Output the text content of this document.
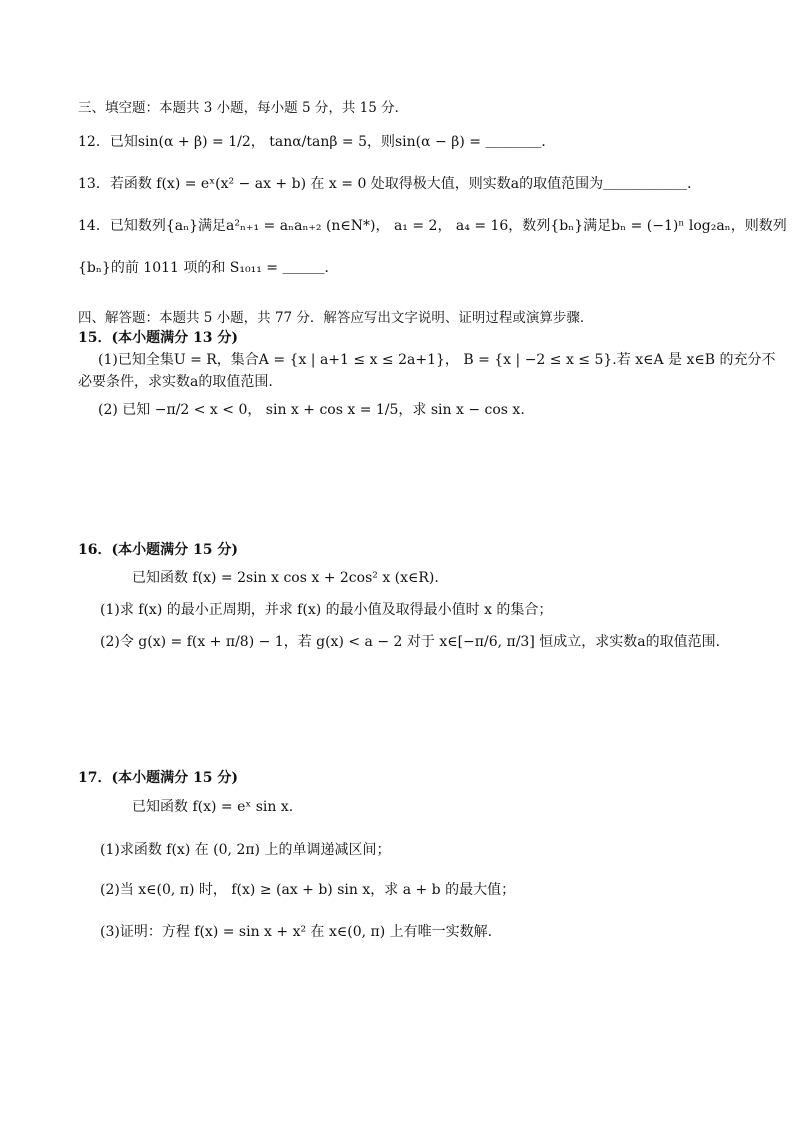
三、填空题：本题共 3 小题，每小题 5 分，共 15 分．
12．已知sin(α + β) = 1/2， tanα/tanβ = 5，则sin(α − β) = ＿＿＿＿．
13．若函数 f(x) = eˣ(x² − ax + b) 在 x = 0 处取得极大值，则实数a的取值范围为＿＿＿＿＿＿．
14．已知数列{aₙ}满足a²ₙ₊₁ = aₙaₙ₊₂ (n∈N*)， a₁ = 2， a₄ = 16，数列{bₙ}满足bₙ = (−1)ⁿ log₂aₙ，则数列
{bₙ}的前 1011 项的和 S₁₀₁₁ = ＿＿＿．
四、解答题：本题共 5 小题，共 77 分．解答应写出文字说明、证明过程或演算步骤．
15．(本小题满分 13 分)
(1)已知全集U = R，集合A = {x | a+1 ≤ x ≤ 2a+1}， B = {x | −2 ≤ x ≤ 5}.若 x∈A 是 x∈B 的充分不
必要条件，求实数a的取值范围.
(2) 已知 −π/2 < x < 0， sin x + cos x = 1/5，求 sin x − cos x.
16．(本小题满分 15 分)
已知函数 f(x) = 2sin x cos x + 2cos² x (x∈R).
(1)求 f(x) 的最小正周期，并求 f(x) 的最小值及取得最小值时 x 的集合；
(2)令 g(x) = f(x + π/8) − 1，若 g(x) < a − 2 对于 x∈[−π/6, π/3] 恒成立，求实数a的取值范围.
17．(本小题满分 15 分)
已知函数 f(x) = eˣ sin x.
(1)求函数 f(x) 在 (0, 2π) 上的单调递减区间；
(2)当 x∈(0, π) 时， f(x) ≥ (ax + b) sin x，求 a + b 的最大值；
(3)证明：方程 f(x) = sin x + x² 在 x∈(0, π) 上有唯一实数解.
